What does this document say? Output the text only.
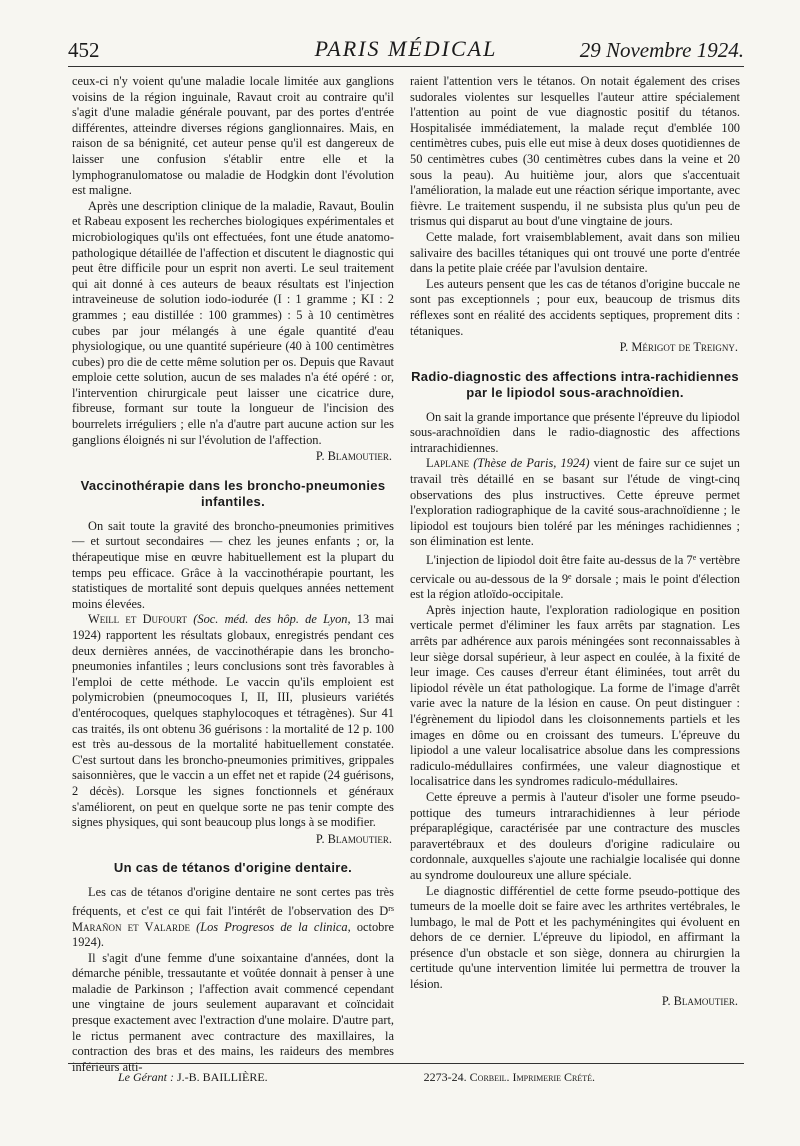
452	PARIS MÉDICAL	29 Novembre 1924.

ceux-ci n'y voient qu'une maladie locale limitée aux ganglions voisins de la région inguinale, Ravaut croit au contraire qu'il s'agit d'une maladie générale pouvant, par des portes d'entrée différentes, atteindre diverses régions ganglionnaires. Mais, en raison de sa bénignité, cet auteur pense qu'il est dangereux de laisser une confusion s'établir entre elle et la lymphogranulomatose ou maladie de Hodgkin dont l'évolution est maligne.

Après une description clinique de la maladie, Ravaut, Boulin et Rabeau exposent les recherches biologiques expérimentales et microbiologiques qu'ils ont effectuées, font une étude anatomo-pathologique détaillée de l'affection et discutent le diagnostic qui peut être difficile pour un esprit non averti. Le seul traitement qui ait donné à ces auteurs de beaux résultats est l'injection intraveineuse de solution iodo-iodurée (I : 1 gramme ; KI : 2 grammes ; eau distillée : 100 grammes) : 5 à 10 centimètres cubes par jour mélangés à une égale quantité d'eau physiologique, ou une quantité supérieure (40 à 100 centimètres cubes) pro die de cette même solution per os. Depuis que Ravaut emploie cette solution, aucun de ses malades n'a été opéré : or, l'intervention chirurgicale peut laisser une cicatrice dure, fibreuse, formant sur toute la longueur de l'incision des bourrelets irréguliers ; elle n'a d'autre part aucune action sur les ganglions éloignés ni sur l'évolution de l'affection.

P. Blamoutier.

Vaccinothérapie dans les broncho-pneumonies infantiles.

On sait toute la gravité des broncho-pneumonies primitives — et surtout secondaires — chez les jeunes enfants ; or, la thérapeutique mise en œuvre habituellement est la plupart du temps peu efficace. Grâce à la vaccinothérapie pourtant, les statistiques de mortalité sont depuis quelques années nettement moins élevées.

Weill et Dufourt (Soc. méd. des hôp. de Lyon, 13 mai 1924) rapportent les résultats globaux, enregistrés pendant ces deux dernières années, de vaccinothérapie dans les broncho-pneumonies infantiles ; leurs conclusions sont très favorables à l'emploi de cette méthode. Le vaccin qu'ils emploient est polymicrobien (pneumocoques I, II, III, plusieurs variétés d'entérocoques, quelques staphylocoques et tétragènes). Sur 41 cas traités, ils ont obtenu 36 guérisons : la mortalité de 12 p. 100 est très au-dessous de la mortalité habituellement constatée. C'est surtout dans les broncho-pneumonies primitives, grippales saisonnières, que le vaccin a un effet net et rapide (24 guérisons, 2 décès). Lorsque les signes fonctionnels et généraux s'améliorent, on peut en quelque sorte ne pas tenir compte des signes physiques, qui sont beaucoup plus longs à se modifier.

P. Blamoutier.

Un cas de tétanos d'origine dentaire.

Les cas de tétanos d'origine dentaire ne sont certes pas très fréquents, et c'est ce qui fait l'intérêt de l'observation des $D^{rs}$ Marañon et Valarde (Los Progresos de la clinica, octobre 1924).

Il s'agit d'une femme d'une soixantaine d'années, dont la démarche pénible, tressautante et voûtée donnait à penser à une maladie de Parkinson ; l'affection avait commencé cependant une vingtaine de jours seulement auparavant et coïncidait presque exactement avec l'extraction d'une molaire. D'autre part, le rictus permanent avec contracture des maxillaires, la contraction des bras et des mains, les raideurs des membres inférieurs atti-

raient l'attention vers le tétanos. On notait également des crises sudorales violentes sur lesquelles l'auteur attire spécialement l'attention au point de vue diagnostic positif du tétanos. Hospitalisée immédiatement, la malade reçut d'emblée 100 centimètres cubes, puis elle eut mise à deux doses quotidiennes de 50 centimètres cubes (30 centimètres cubes dans la veine et 20 sous la peau). Au huitième jour, alors que s'accentuait l'amélioration, la malade eut une réaction sérique importante, avec fièvre. Le traitement suspendu, il ne subsista plus qu'un peu de trismus qui disparut au bout d'une vingtaine de jours.

Cette malade, fort vraisemblablement, avait dans son milieu salivaire des bacilles tétaniques qui ont trouvé une porte d'entrée dans la petite plaie créée par l'avulsion dentaire.

Les auteurs pensent que les cas de tétanos d'origine buccale ne sont pas exceptionnels ; pour eux, beaucoup de trismus dits réflexes sont en réalité des accidents septiques, proprement dits : tétaniques.

P. Mérigot de Treigny.

Radio-diagnostic des affections intra-rachidiennes par le lipiodol sous-arachnoïdien.

On sait la grande importance que présente l'épreuve du lipiodol sous-arachnoïdien dans le radio-diagnostic des affections intrarachidiennes.

Laplane (Thèse de Paris, 1924) vient de faire sur ce sujet un travail très détaillé en se basant sur l'étude de vingt-cinq observations des plus instructives. Cette épreuve permet l'exploration radiographique de la cavité sous-arachnoïdienne ; le lipiodol est toujours bien toléré par les méninges rachidiennes ; son élimination est lente.

L'injection de lipiodol doit être faite au-dessus de la 7e vertèbre cervicale ou au-dessous de la 9e dorsale ; mais le point d'élection est la région atloïdo-occipitale.

Après injection haute, l'exploration radiologique en position verticale permet d'éliminer les faux arrêts par stagnation. Les arrêts par adhérence aux parois méningées sont reconnaissables à leur siège dorsal supérieur, à leur aspect en coulée, à la fixité de leur image. Ces causes d'erreur étant éliminées, tout arrêt du lipiodol révèle un état pathologique. La forme de l'image d'arrêt varie avec la nature de la lésion en cause. On peut distinguer : l'égrènement du lipiodol dans les cloisonnements partiels et les images en dôme ou en croissant des tumeurs. L'épreuve du lipiodol a une valeur localisatrice absolue dans les compressions radiculo-médullaires confirmées, une valeur diagnostique et localisatrice dans les syndromes radiculo-médullaires.

Cette épreuve a permis à l'auteur d'isoler une forme pseudo-pottique des tumeurs intrarachidiennes à leur période préparaplégique, caractérisée par une contracture des muscles paravertébraux et des douleurs d'origine radiculaire ou cordonnale, auxquelles s'ajoute une rachialgie localisée qui donne au syndrome douloureux une allure spéciale.

Le diagnostic différentiel de cette forme pseudo-pottique des tumeurs de la moelle doit se faire avec les arthrites vertébrales, le lumbago, le mal de Pott et les pachyméningites qui évoluent en dehors de ce dernier. L'épreuve du lipiodol, en affirmant la présence d'un obstacle et son siège, donnera au chirurgien la certitude qu'une intervention limitée lui permettra de trouver la lésion.

P. Blamoutier.

Le Gérant : J.-B. BAILLIÈRE.	2273-24. Corbeil. Imprimerie Crété.
